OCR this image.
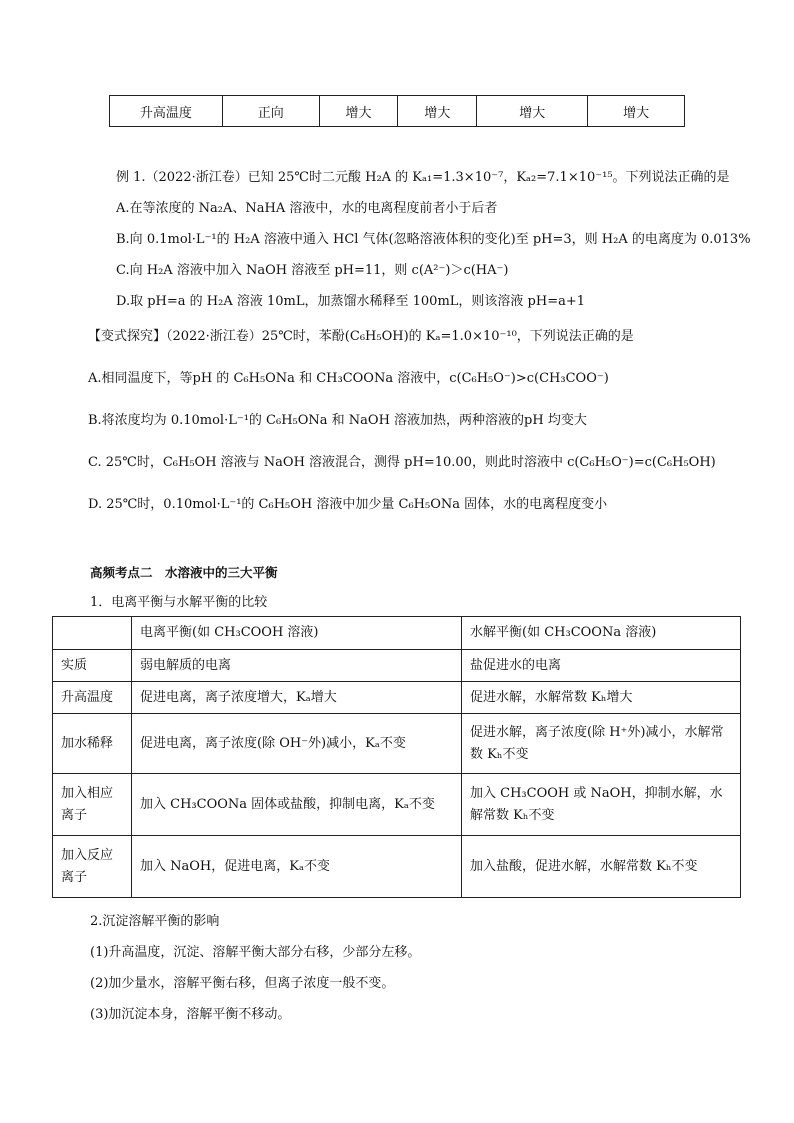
升高温度	正向	增大	增大	增大	增大
例 1.（2022·浙江卷）已知 25℃时二元酸 H₂A 的 Kₐ₁=1.3×10⁻⁷，Kₐ₂=7.1×10⁻¹⁵。下列说法正确的是
A.在等浓度的 Na₂A、NaHA 溶液中，水的电离程度前者小于后者
B.向 0.1mol·L⁻¹的 H₂A 溶液中通入 HCl 气体(忽略溶液体积的变化)至 pH=3，则 H₂A 的电离度为 0.013%
C.向 H₂A 溶液中加入 NaOH 溶液至 pH=11，则 c(A²⁻)＞c(HA⁻)
D.取 pH=a 的 H₂A 溶液 10mL，加蒸馏水稀释至 100mL，则该溶液 pH=a+1
【变式探究】（2022·浙江卷）25℃时，苯酚(C₆H₅OH)的 Kₐ=1.0×10⁻¹⁰，下列说法正确的是
A.相同温度下，等pH 的 C₆H₅ONa 和 CH₃COONa 溶液中，c(C₆H₅O⁻)>c(CH₃COO⁻)
B.将浓度均为 0.10mol·L⁻¹的 C₆H₅ONa 和 NaOH 溶液加热，两种溶液的pH 均变大
C. 25℃时，C₆H₅OH 溶液与 NaOH 溶液混合，测得 pH=10.00，则此时溶液中 c(C₆H₅O⁻)=c(C₆H₅OH)
D. 25℃时，0.10mol·L⁻¹的 C₆H₅OH 溶液中加少量 C₆H₅ONa 固体，水的电离程度变小
高频考点二　水溶液中的三大平衡
1．电离平衡与水解平衡的比较
	电离平衡(如 CH₃COOH 溶液)	水解平衡(如 CH₃COONa 溶液)
实质	弱电解质的电离	盐促进水的电离
升高温度	促进电离，离子浓度增大，Kₐ增大	促进水解，水解常数 Kₕ增大
加水稀释	促进电离，离子浓度(除 OH⁻外)减小，Kₐ不变	促进水解，离子浓度(除 H⁺外)减小，水解常数 Kₕ不变
加入相应离子	加入 CH₃COONa 固体或盐酸，抑制电离，Kₐ不变	加入 CH₃COOH 或 NaOH，抑制水解，水解常数 Kₕ不变
加入反应离子	加入 NaOH，促进电离，Kₐ不变	加入盐酸，促进水解，水解常数 Kₕ不变
2.沉淀溶解平衡的影响
(1)升高温度，沉淀、溶解平衡大部分右移，少部分左移。
(2)加少量水，溶解平衡右移，但离子浓度一般不变。
(3)加沉淀本身，溶解平衡不移动。
